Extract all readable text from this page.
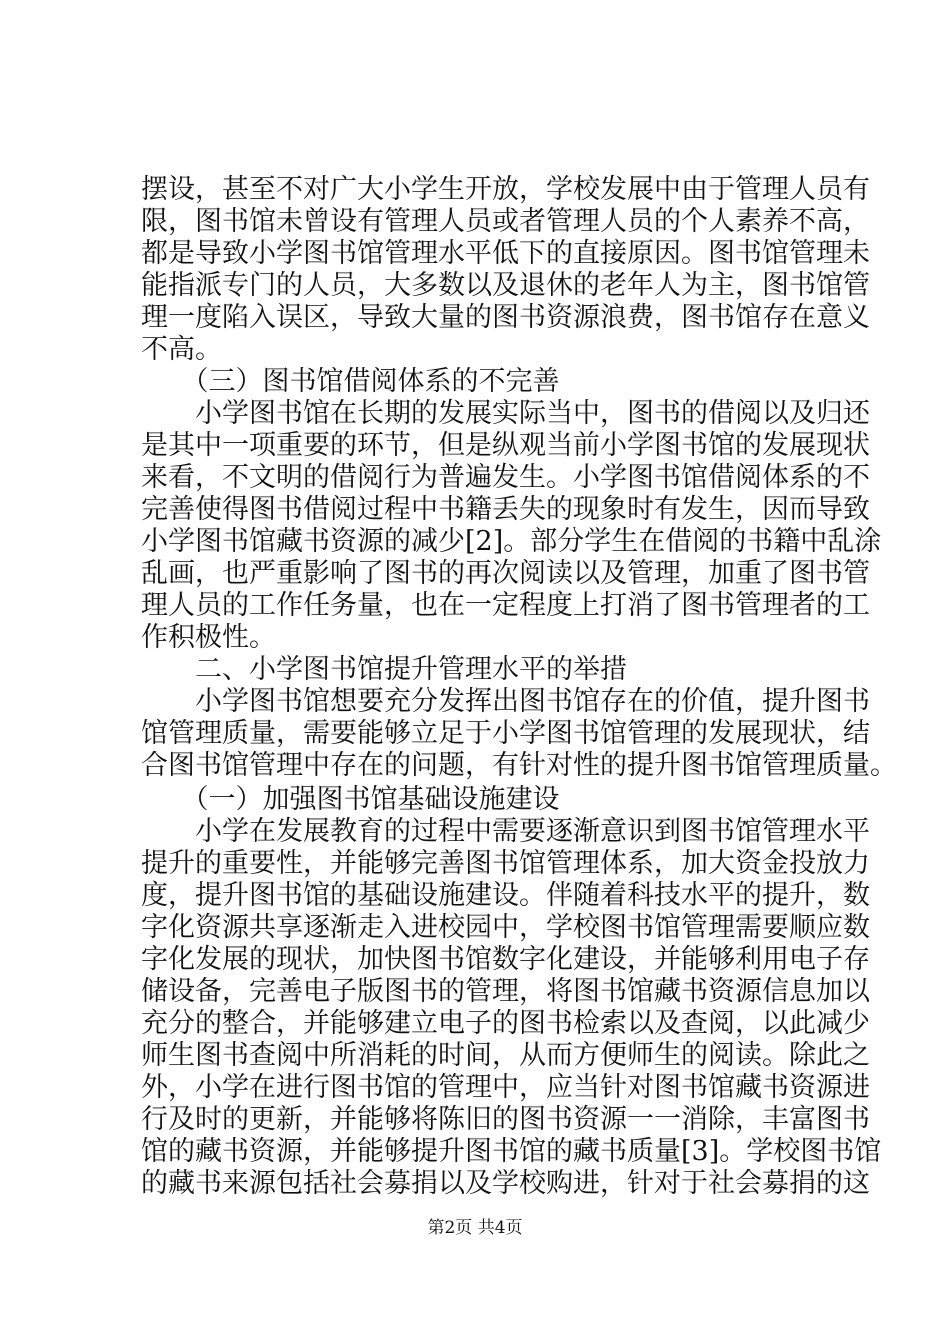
摆设，甚至不对广大小学生开放，学校发展中由于管理人员有
限，图书馆未曾设有管理人员或者管理人员的个人素养不高，
都是导致小学图书馆管理水平低下的直接原因。图书馆管理未
能指派专门的人员，大多数以及退休的老年人为主，图书馆管
理一度陷入误区，导致大量的图书资源浪费，图书馆存在意义
不高。
　　（三）图书馆借阅体系的不完善
　　小学图书馆在长期的发展实际当中，图书的借阅以及归还
是其中一项重要的环节，但是纵观当前小学图书馆的发展现状
来看，不文明的借阅行为普遍发生。小学图书馆借阅体系的不
完善使得图书借阅过程中书籍丢失的现象时有发生，因而导致
小学图书馆藏书资源的减少[2]。部分学生在借阅的书籍中乱涂
乱画，也严重影响了图书的再次阅读以及管理，加重了图书管
理人员的工作任务量，也在一定程度上打消了图书管理者的工
作积极性。
　　二、小学图书馆提升管理水平的举措
　　小学图书馆想要充分发挥出图书馆存在的价值，提升图书
馆管理质量，需要能够立足于小学图书馆管理的发展现状，结
合图书馆管理中存在的问题，有针对性的提升图书馆管理质量。
　　（一）加强图书馆基础设施建设
　　小学在发展教育的过程中需要逐渐意识到图书馆管理水平
提升的重要性，并能够完善图书馆管理体系，加大资金投放力
度，提升图书馆的基础设施建设。伴随着科技水平的提升，数
字化资源共享逐渐走入进校园中，学校图书馆管理需要顺应数
字化发展的现状，加快图书馆数字化建设，并能够利用电子存
储设备，完善电子版图书的管理，将图书馆藏书资源信息加以
充分的整合，并能够建立电子的图书检索以及查阅，以此减少
师生图书查阅中所消耗的时间，从而方便师生的阅读。除此之
外，小学在进行图书馆的管理中，应当针对图书馆藏书资源进
行及时的更新，并能够将陈旧的图书资源一一消除，丰富图书
馆的藏书资源，并能够提升图书馆的藏书质量[3]。学校图书馆
的藏书来源包括社会募捐以及学校购进，针对于社会募捐的这
第2页 共4页
